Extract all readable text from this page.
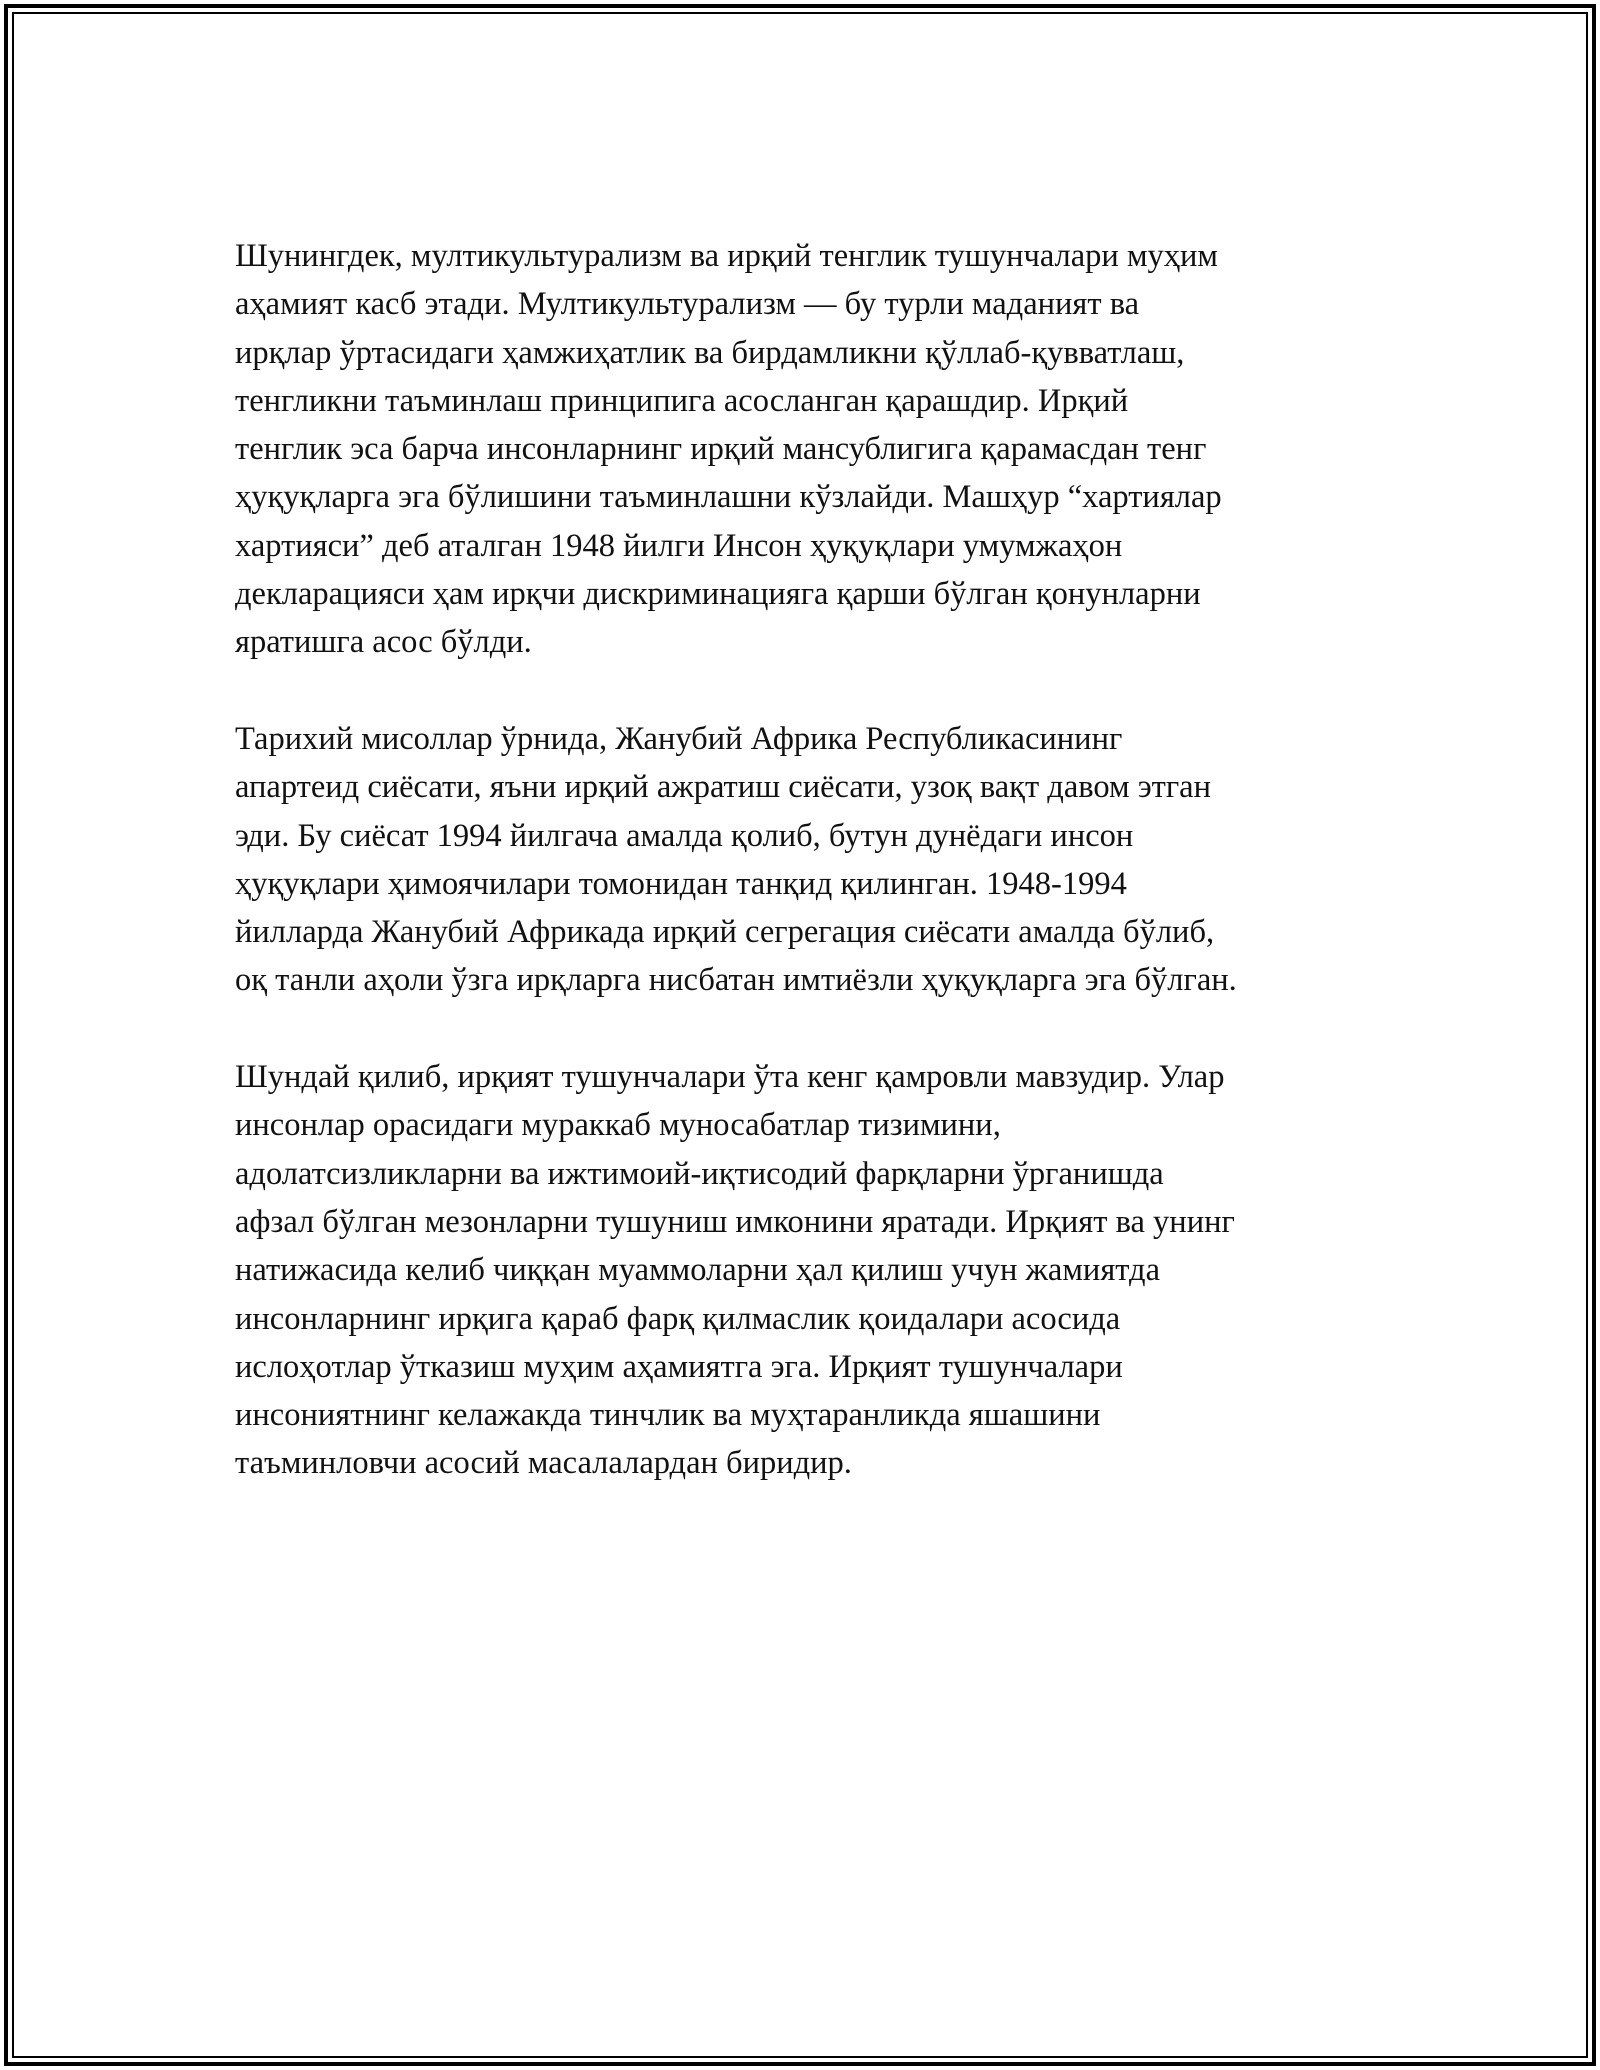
Шунингдек, мултикультурализм ва ирқий тенглик тушунчалари муҳим
аҳамият касб этади. Мултикультурализм — бу турли маданият ва
ирқлар ўртасидаги ҳамжиҳатлик ва бирдамликни қўллаб-қувватлаш,
тенгликни таъминлаш принципига асосланган қарашдир. Ирқий
тенглик эса барча инсонларнинг ирқий мансублигига қарамасдан тенг
ҳуқуқларга эга бўлишини таъминлашни кўзлайди. Машҳур “хартиялар
хартияси” деб аталган 1948 йилги Инсон ҳуқуқлари умумжаҳон
декларацияси ҳам ирқчи дискриминацияга қарши бўлган қонунларни
яратишга асос бўлди.

Тарихий мисоллар ўрнида, Жанубий Африка Республикасининг
апартеид сиёсати, яъни ирқий ажратиш сиёсати, узоқ вақт давом этган
эди. Бу сиёсат 1994 йилгача амалда қолиб, бутун дунёдаги инсон
ҳуқуқлари ҳимоячилари томонидан танқид қилинган. 1948-1994
йилларда Жанубий Африкада ирқий сегрегация сиёсати амалда бўлиб,
оқ танли аҳоли ўзга ирқларга нисбатан имтиёзли ҳуқуқларга эга бўлган.

Шундай қилиб, ирқият тушунчалари ўта кенг қамровли мавзудир. Улар
инсонлар орасидаги мураккаб муносабатлар тизимини,
адолатсизликларни ва ижтимоий-иқтисодий фарқларни ўрганишда
афзал бўлган мезонларни тушуниш имконини яратади. Ирқият ва унинг
натижасида келиб чиққан муаммоларни ҳал қилиш учун жамиятда
инсонларнинг ирқига қараб фарқ қилмаслик қоидалари асосида
ислоҳотлар ўтказиш муҳим аҳамиятга эга. Ирқият тушунчалари
инсониятнинг келажакда тинчлик ва муҳтаранликда яшашини
таъминловчи асосий масалалардан биридир.
